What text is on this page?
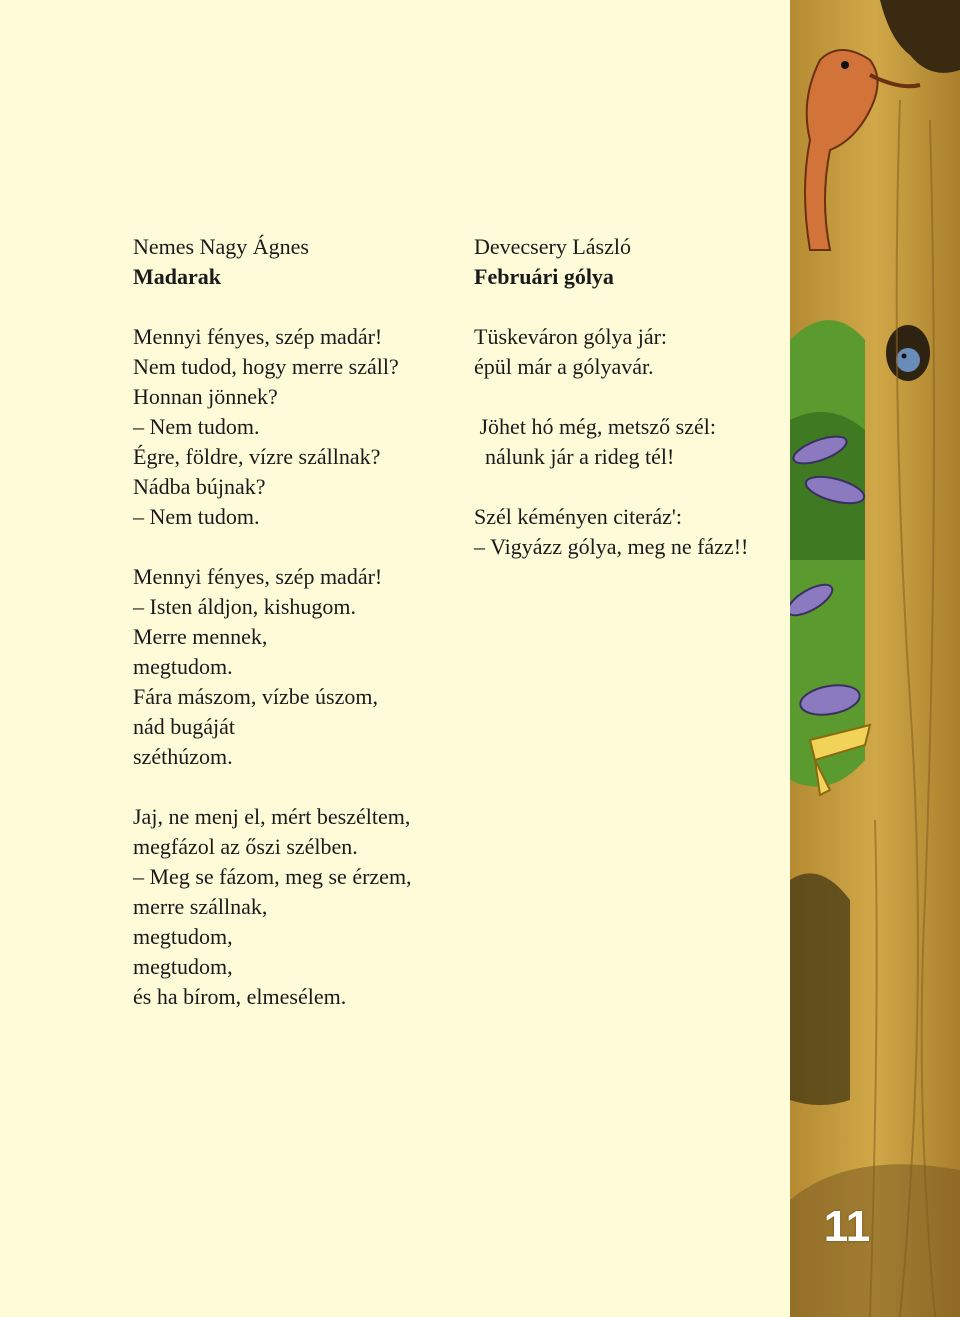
Nemes Nagy Ágnes
Madarak
Mennyi fényes, szép madár!
Nem tudod, hogy merre száll?
Honnan jönnek?
– Nem tudom.
Égre, földre, vízre szállnak?
Nádba bújnak?
– Nem tudom.
Mennyi fényes, szép madár!
– Isten áldjon, kishugom.
Merre mennek,
megtudom.
Fára mászom, vízbe úszom,
nád bugáját
széthúzom.
Jaj, ne menj el, mért beszéltem,
megfázol az őszi szélben.
– Meg se fázom, meg se érzem,
merre szállnak,
megtudom,
megtudom,
és ha bírom, elmesélem.
Devecsery László
Februári gólya
Tüskeváron gólya jár:
épül már a gólyavár.
Jöhet hó még, metsző szél:
nálunk jár a rideg tél!
Szél kéményen citeráz':
– Vigyázz gólya, meg ne fázz!!
11
